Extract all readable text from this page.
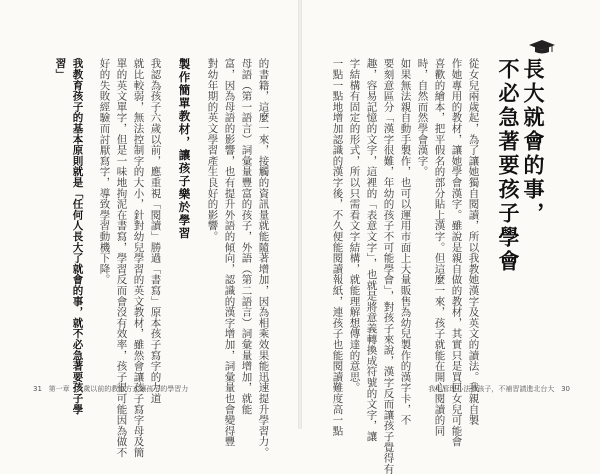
長大就會的事，
不必急著要孩子學會
從女兒兩歲起，為了讓她獨自閱讀，所以我教她漢字及英文的讀法。我親自製
作她專用的教材，讓她學會漢字。雖說是親自做的教材，其實只是買回女兒可能會
喜歡的繪本，把平假名的部分貼上漢字。但這麼一來，孩子就能在開心閱讀的同
時，自然而然學會漢字。
如果無法親自動手製作，也可以運用市面上大量販售為幼兒製作的漢字卡，不
要刻意區分「漢字很難，年幼的孩子不可能學會」，對孩子來說，漢字反而讓孩子覺得有
趣，容易記憶的文字，這裡的「表意文字」，也就是將意義轉換成符號的文字，讓
字結構有固定的形式，所以只需看文字結構，就能理解想傳達的意思。
一點一點地增加認識的漢字後，不久便能閱讀報紙，連孩子也能閱讀難度高一點
的書籍，這麼一來，接觸的資訊量就能隨著增加，因為相乘效果能迅速提升學習力。
母語（第一語言）詞彙量豐富的孩子，外語（第二語言）詞彙量增加，就能
富，因為母語的影響，也有提升外語的傾向，認識的漢字增加，詞彙量也會變得豐
對幼年期的英文學習產生良好的影響。
製作簡單教材，讓孩子樂於學習
我認為孩子六歲以前，應重視「閱讀」勝過「書寫」原本孩子寫字的力道
就比較弱，無法控制字的大小，針對幼兒學習的英文教材，雖然會讓孩子寫字母及簡
單的英文單字，但是一味地拘泥在書寫，學習反而會沒有效率，孩子很可能因為做不
好的失敗經驗而討厭寫字，導致學習動機下降。
我教育孩子的基本原則就是「任何人長大了就會的事，就不必急著要孩子學
習」
31 第一章 六歲以前的教育方式讓孩子的學習力	我用管理心法帶孩子，不補習請進北台大 30
